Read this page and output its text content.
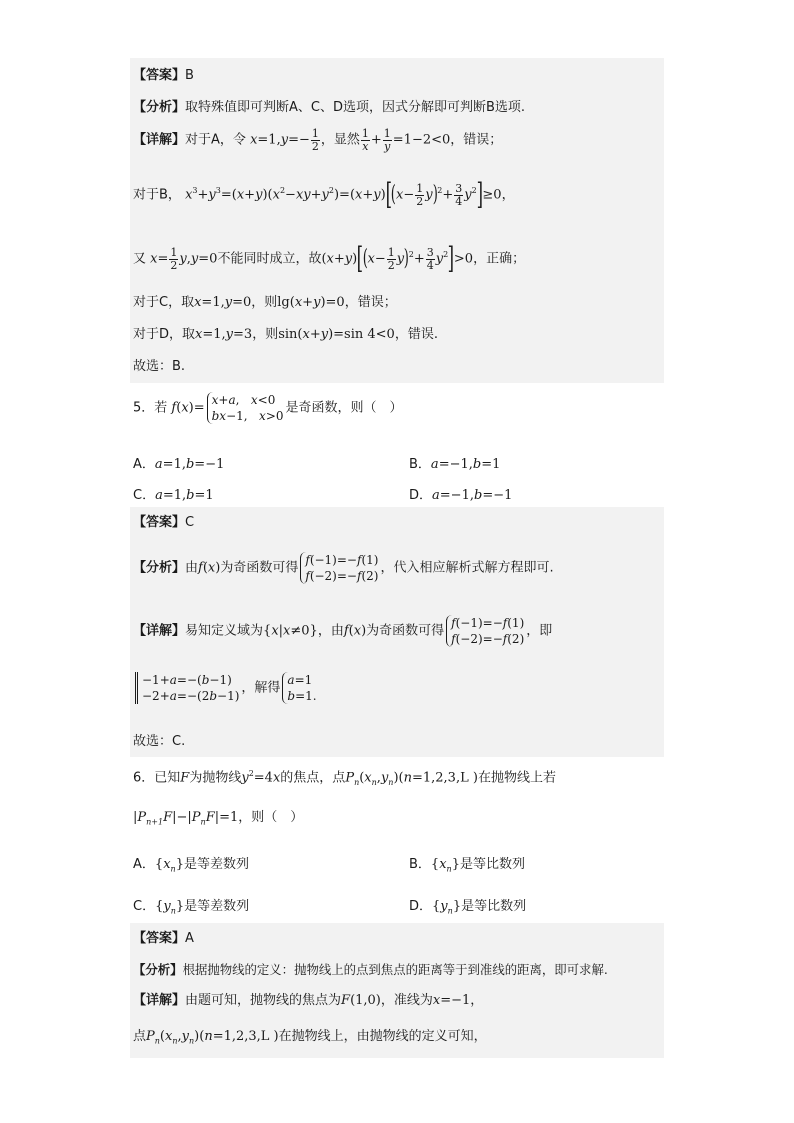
【答案】B
【分析】取特殊值即可判断A、C、D选项，因式分解即可判断B选项.
【详解】对于A，令 $x=1,y=- \frac{1}{2}$ ，显然 $\frac{1}{x} + \frac{1}{y} =1-2<0$，错误；
对于B， $x^3+y^3=(x+y)(x^2-xy+y^2)=(x+y)[(x- \frac{1}{2} y)^2+ \frac{3}{4} y^2]\ge 0$，
又 $x= \frac{1}{2} y,y=0$不能同时成立，故$(x+y)[(x- \frac{1}{2} y)^2+ \frac{3}{4} y^2]>0$，正确；
对于C，取x=1,y=0，则lg(x+y)=0，错误；
对于D，取x=1,y=3，则sin(x+y)=sin 4<0，错误.
故选：B.
5．若 f(x)=
x+a,   x<0
bx−1,   x>0
是奇函数，则（　）
A．a=1,b=−1	B．a=−1,b=1
C．a=1,b=1	D．a=−1,b=−1
【答案】C
【分析】由f(x)为奇函数可得
f(−1)=−f(1)
f(−2)=−f(2)
，代入相应解析式解方程即可.
【详解】易知定义域为{x|x≠0}，由f(x)为奇函数可得
f(−1)=−f(1)
f(−2)=−f(2)
，即
−1+a=−(b−1)
−2+a=−(2b−1)
，解得
a=1
b=1.
故选：C.
6．已知F为抛物线$y^2=4x$的焦点，点$P_n(x_n,y_n)(n=1,2,3,L$ )在抛物线上若
$|P_{n+1}F|-|P_nF|=1$，则（　）
A．$\{x_n\}$是等差数列	B．$\{x_n\}$是等比数列
C．$\{y_n\}$是等差数列	D．$\{y_n\}$是等比数列
【答案】A
【分析】根据抛物线的定义：抛物线上的点到焦点的距离等于到准线的距离，即可求解.
【详解】由题可知，抛物线的焦点为F(1,0)，准线为x=−1，
点$P_n(x_n,y_n)(n=1,2,3,L$ )在抛物线上，由抛物线的定义可知，
